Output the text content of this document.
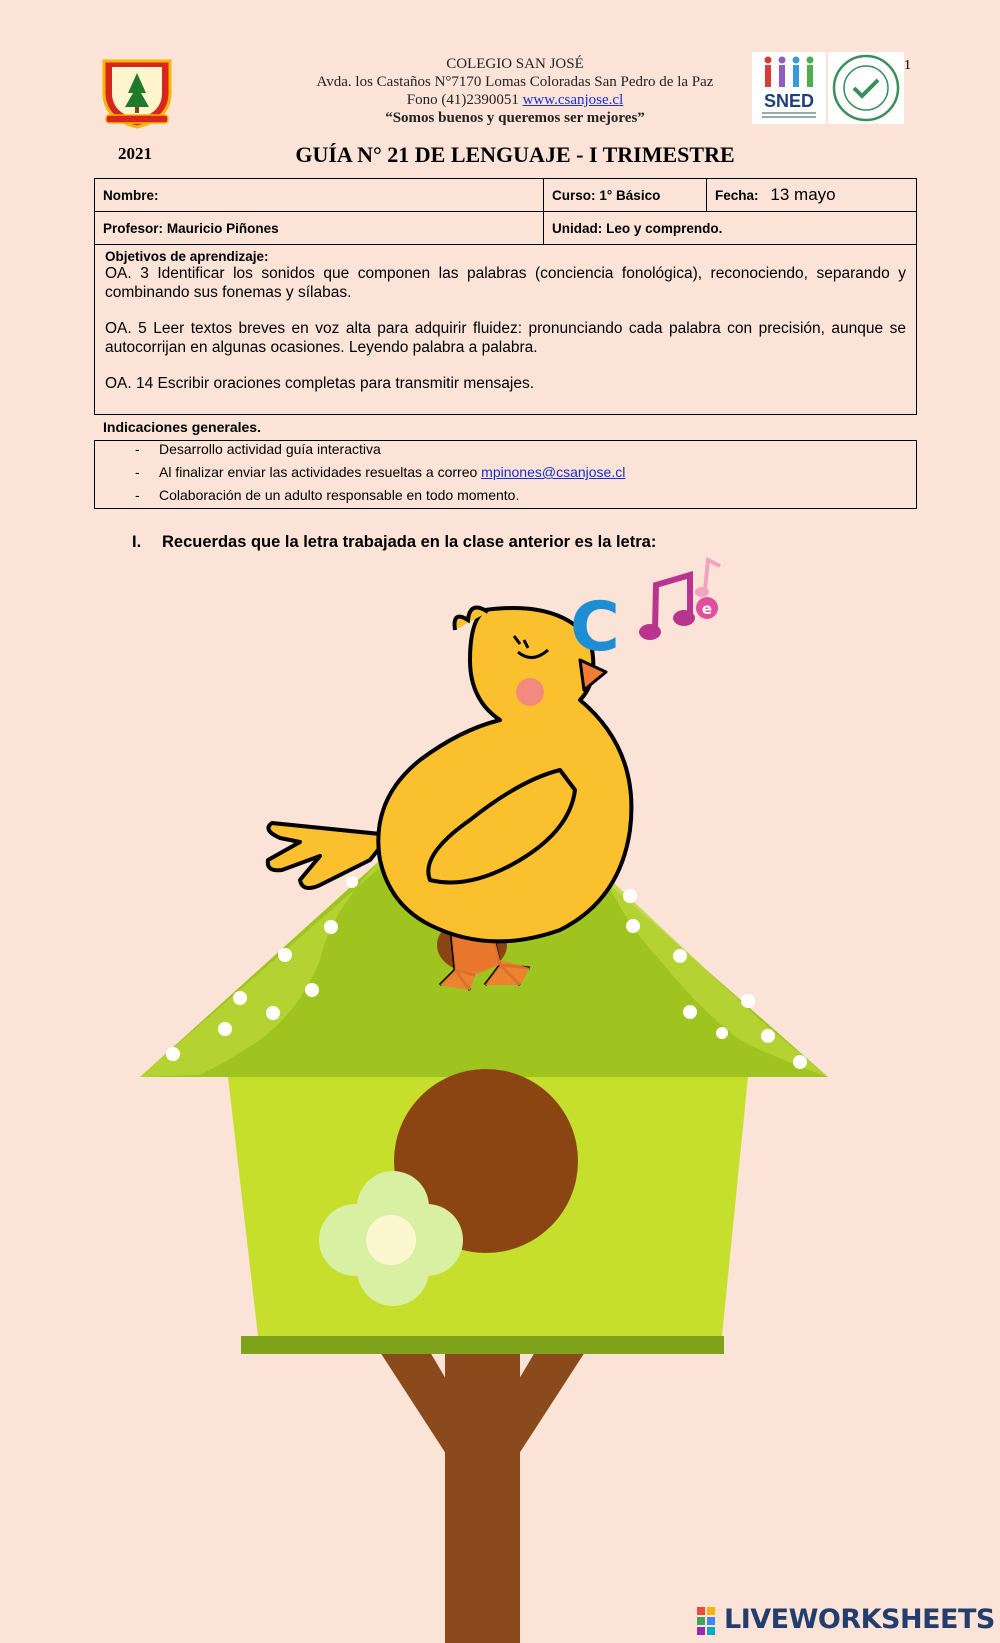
COLEGIO SAN JOSÉ
Avda. los Castaños N°7170 Lomas Coloradas San Pedro de la Paz
Fono (41)2390051 www.csanjose.cl
“Somos buenos y queremos ser mejores”
SNED
1
2021	GUÍA N° 21 DE LENGUAJE - I TRIMESTRE
Nombre:	Curso: 1° Básico	Fecha: 13 mayo
Profesor: Mauricio Piñones	Unidad: Leo y comprendo.	

Objetivos de aprendizaje:
OA. 3 Identificar los sonidos que componen las palabras (conciencia fonológica), reconociendo, separando y combinando sus fonemas y sílabas.
OA. 5 Leer textos breves en voz alta para adquirir fluidez: pronunciando cada palabra con precisión, aunque se autocorrijan en algunas ocasiones. Leyendo palabra a palabra.
OA. 14 Escribir oraciones completas para transmitir mensajes.		
Indicaciones generales.
- Desarrollo actividad guía interactiva
- Al finalizar enviar las actividades resueltas a correo mpinones@csanjose.cl
- Colaboración de un adulto responsable en todo momento.
I. Recuerdas que la letra trabajada en la clase anterior es la letra:
C	e
LIVEWORKSHEETS
